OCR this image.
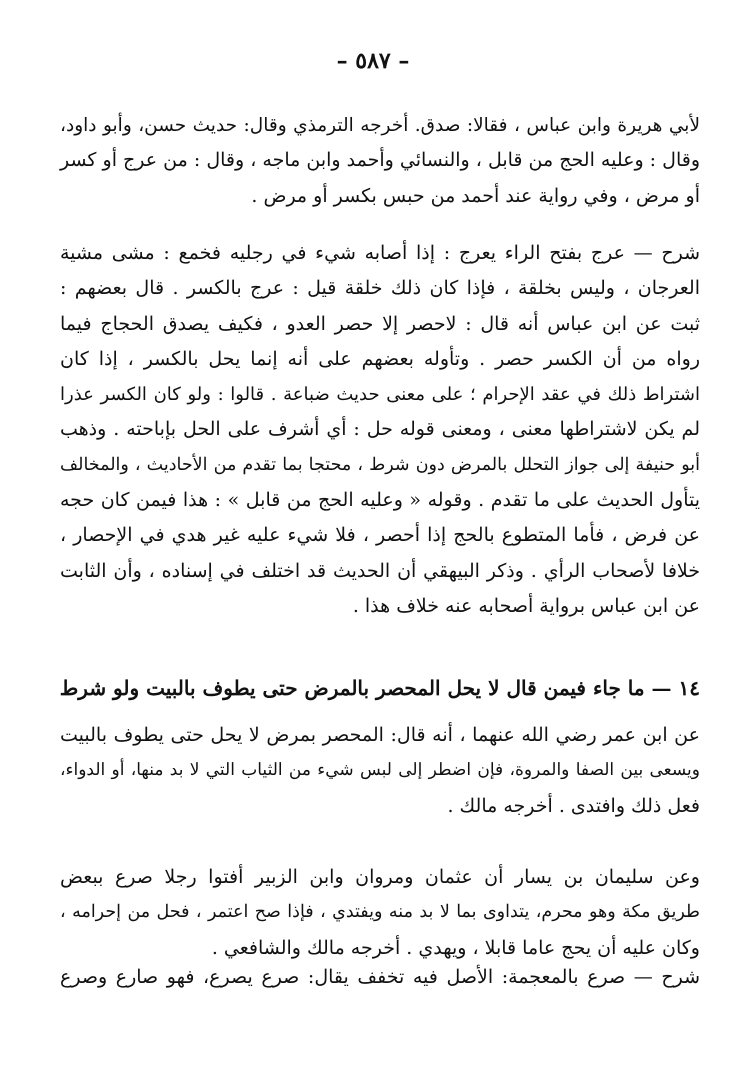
– ٥٨٧ –
لأبي هريرة وابن عباس ، فقالا: صدق. أخرجه الترمذي وقال: حديث حسن، وأبو داود،
وقال : وعليه الحج من قابل ، والنسائي وأحمد وابن ماجه ، وقال : من عرج أو كسر
أو مرض ، وفي رواية عند أحمد من حبس بكسر أو مرض .
شرح — عرج بفتح الراء يعرج : إذا أصابه شيء في رجليه فخمع : مشى مشية
العرجان ، وليس بخلقة ، فإذا كان ذلك خلقة قيل : عرج بالكسر . قال بعضهم :
ثبت عن ابن عباس أنه قال : لاحصر إلا حصر العدو ، فكيف يصدق الحجاج فيما
رواه من أن الكسر حصر . وتأوله بعضهم على أنه إنما يحل بالكسر ، إذا كان
اشتراط ذلك في عقد الإحرام ؛ على معنى حديث ضباعة . قالوا : ولو كان الكسر عذرا
لم يكن لاشتراطها معنى ، ومعنى قوله حل : أي أشرف على الحل بإباحته . وذهب
أبو حنيفة إلى جواز التحلل بالمرض دون شرط ، محتجا بما تقدم من الأحاديث ، والمخالف
يتأول الحديث على ما تقدم . وقوله « وعليه الحج من قابل » : هذا فيمن كان حجه
عن فرض ، فأما المتطوع بالحج إذا أحصر ، فلا شيء عليه غير هدي في الإحصار ،
خلافا لأصحاب الرأي . وذكر البيهقي أن الحديث قد اختلف في إسناده ، وأن الثابت
عن ابن عباس برواية أصحابه عنه خلاف هذا .
١٤ — ما جاء فيمن قال لا يحل المحصر بالمرض حتى يطوف بالبيت ولو شرط
عن ابن عمر رضي الله عنهما ، أنه قال: المحصر بمرض لا يحل حتى يطوف بالبيت
ويسعى بين الصفا والمروة، فإن اضطر إلى لبس شيء من الثياب التي لا بد منها، أو الدواء،
فعل ذلك وافتدى . أخرجه مالك .
وعن سليمان بن يسار أن عثمان ومروان وابن الزبير أفتوا رجلا صرع ببعض
طريق مكة وهو محرم، يتداوى بما لا بد منه ويفتدي ، فإذا صح اعتمر ، فحل من إحرامه ،
وكان عليه أن يحج عاما قابلا ، ويهدي . أخرجه مالك والشافعي .
شرح — صرع بالمعجمة: الأصل فيه تخفف يقال: صرع يصرع، فهو صارع وصرع
